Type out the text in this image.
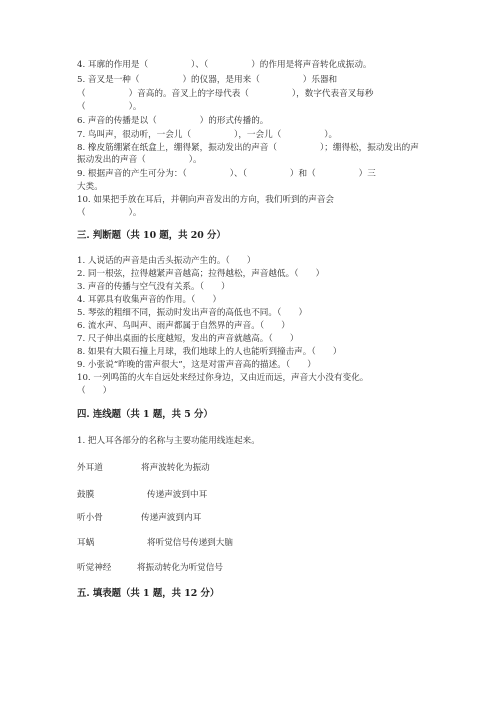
4. 耳廓的作用是（　　　　　）、（　　　　　）的作用是将声音转化成振动。
5. 音叉是一种（　　　　　）的仪器，是用来（　　　　　）乐器和
（　　　　　）音高的。音叉上的字母代表（　　　　　），数字代表音叉每秒
（　　　　　）。
6. 声音的传播是以（　　　　　）的形式传播的。
7. 鸟叫声，很动听，一会儿（　　　　　），一会儿（　　　　　）。
8. 橡皮筋绷紧在纸盒上，绷得紧，振动发出的声音（　　　　　）；绷得松，振动发出的声　　　　　
振动发出的声音（　　　　　）。
9. 根据声音的产生可分为：（　　　　　）、（　　　　　）和（　　　　　）三
大类。
10. 如果把手放在耳后，并朝向声音发出的方向，我们听到的声音会
（　　　　　）。
三. 判断题（共 10 题，共 20 分）
1. 人说话的声音是由舌头振动产生的。（　　）
2. 同一根弦，拉得越紧声音越高；拉得越松，声音越低。（　　）
3. 声音的传播与空气没有关系。（　　）
4. 耳郭具有收集声音的作用。（　　）
5. 琴弦的粗细不同，振动时发出声音的高低也不同。（　　）
6. 流水声、鸟叫声、雨声都属于自然界的声音。（　　）
7. 尺子伸出桌面的长度越短，发出的声音就越高。（　　）
8. 如果有大陨石撞上月球，我们地球上的人也能听到撞击声。（　　）
9. 小张说“昨晚的雷声很大”，这是对雷声音高的描述。（　　）
10. 一列鸣笛的火车自远处来经过你身边，又由近而远，声音大小没有变化。
（　　）
四. 连线题（共 1 题，共 5 分）
1. 把人耳各部分的名称与主要功能用线连起来。
外耳道	将声波转化为振动
鼓膜	传递声波到中耳
听小骨	传递声波到内耳
耳蜗	将听觉信号传递到大脑
听觉神经	将振动转化为听觉信号
五. 填表题（共 1 题，共 12 分）
